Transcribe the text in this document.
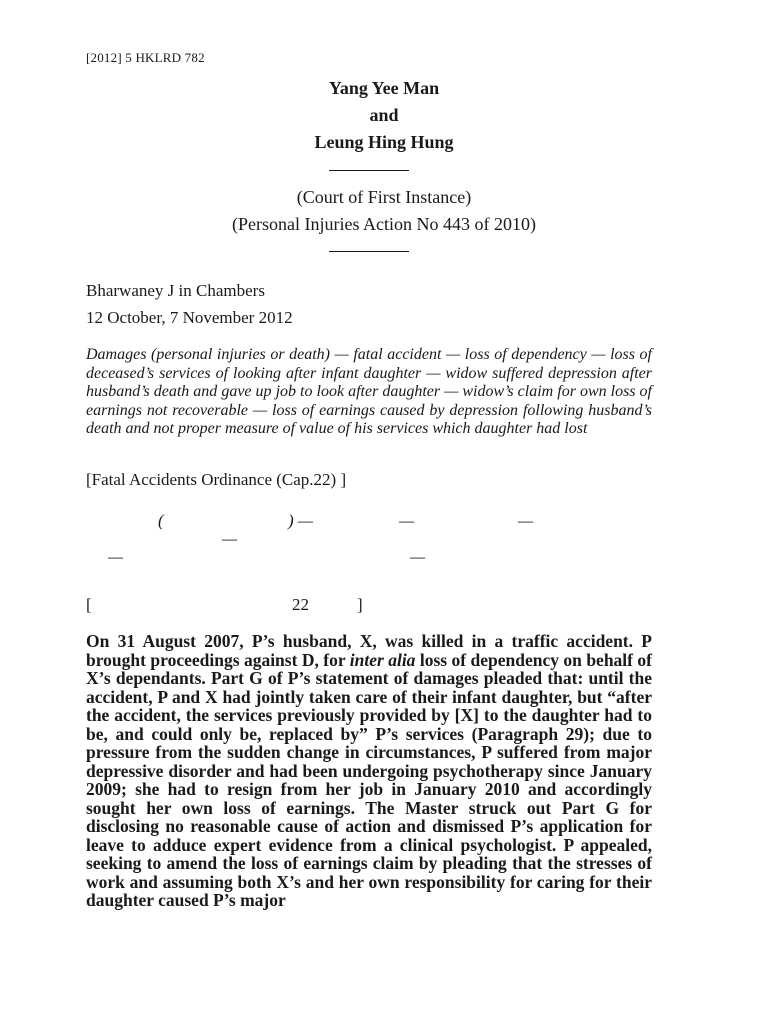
[2012] 5 HKLRD 782
Yang Yee Man
and
Leung Hing Hung
(Court of First Instance)
(Personal Injuries Action No 443 of 2010)
Bharwaney J in Chambers
12 October, 7 November 2012
Damages (personal injuries or death) — fatal accident — loss of dependency — loss of deceased’s services of looking after infant daughter — widow suffered depression after husband’s death and gave up job to look after daughter — widow’s claim for own loss of earnings not recoverable — loss of earnings caused by depression following husband’s death and not proper measure of value of his services which daughter had lost
[Fatal Accidents Ordinance (Cap.22) ]
(	) —	—	—
—
—	—
[	22	]
On 31 August 2007, P’s husband, X, was killed in a traffic accident. P brought proceedings against D, for inter alia loss of dependency on behalf of X’s dependants. Part G of P’s statement of damages pleaded that: until the accident, P and X had jointly taken care of their infant daughter, but “after the accident, the services previously provided by [X] to the daughter had to be, and could only be, replaced by” P’s services (Paragraph 29); due to pressure from the sudden change in circumstances, P suffered from major depressive disorder and had been undergoing psychotherapy since January 2009; she had to resign from her job in January 2010 and accordingly sought her own loss of earnings. The Master struck out Part G for disclosing no reasonable cause of action and dismissed P’s application for leave to adduce expert evidence from a clinical psychologist. P appealed, seeking to amend the loss of earnings claim by pleading that the stresses of work and assuming both X’s and her own responsibility for caring for their daughter caused P’s major
